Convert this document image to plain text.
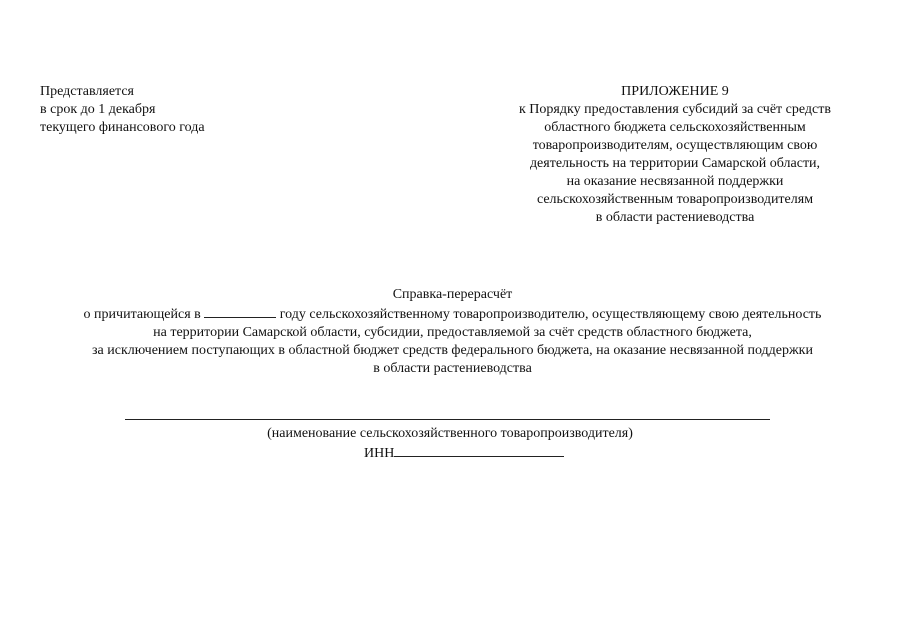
Представляется
в срок до 1 декабря
текущего финансового года
ПРИЛОЖЕНИЕ 9
к Порядку предоставления субсидий за счёт средств
областного бюджета сельскохозяйственным
товаропроизводителям, осуществляющим свою
деятельность на территории Самарской области,
на оказание несвязанной поддержки
сельскохозяйственным товаропроизводителям
в области растениеводства
Справка-перерасчёт
о причитающейся в	году сельскохозяйственному товаропроизводителю, осуществляющему свою деятельность
на территории Самарской области, субсидии, предоставляемой за счёт средств областного бюджета,
за исключением поступающих в областной бюджет средств федерального бюджета, на оказание несвязанной поддержки
в области растениеводства
(наименование сельскохозяйственного товаропроизводителя)
ИНН
